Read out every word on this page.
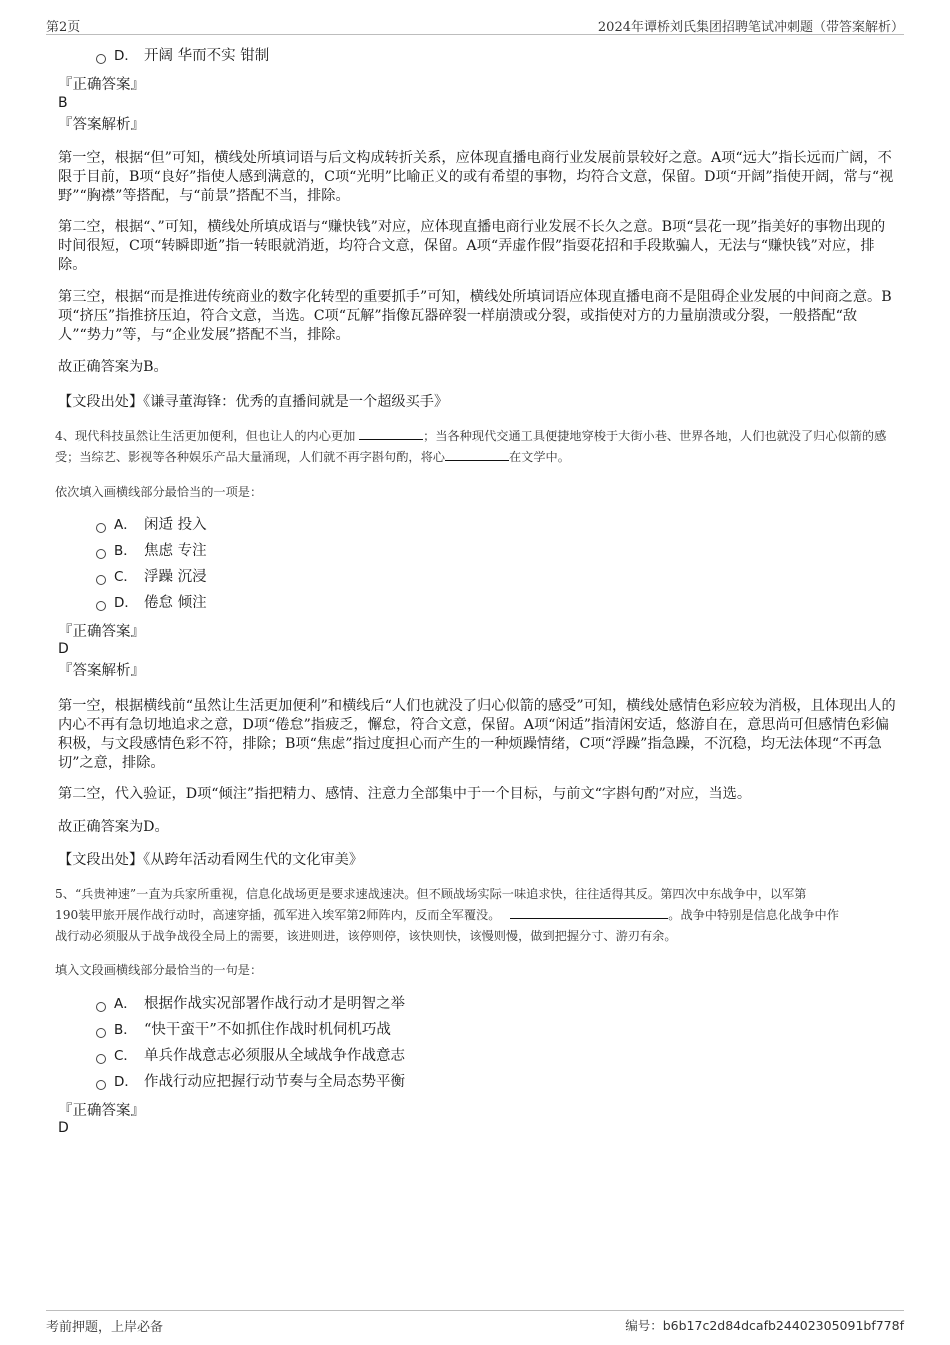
第2页	2024年谭桥刘氏集团招聘笔试冲刺题（带答案解析）
D． 开阔 华而不实 钳制
『正确答案』
B
『答案解析』
第一空，根据“但”可知，横线处所填词语与后文构成转折关系，应体现直播电商行业发展前景较好之意。A项“远大”指长远而广阔，不限于目前，B项“良好”指使人感到满意的，C项“光明”比喻正义的或有希望的事物，均符合文意，保留。D项“开阔”指使开阔，常与“视野”“胸襟”等搭配，与“前景”搭配不当，排除。
第二空，根据“、”可知，横线处所填成语与“赚快钱”对应，应体现直播电商行业发展不长久之意。B项“昙花一现”指美好的事物出现的时间很短，C项“转瞬即逝”指一转眼就消逝，均符合文意，保留。A项“弄虚作假”指耍花招和手段欺骗人，无法与“赚快钱”对应，排除。
第三空，根据“而是推进传统商业的数字化转型的重要抓手”可知，横线处所填词语应体现直播电商不是阻碍企业发展的中间商之意。B项“挤压”指推挤压迫，符合文意，当选。C项“瓦解”指像瓦器碎裂一样崩溃或分裂，或指使对方的力量崩溃或分裂，一般搭配“敌人”“势力”等，与“企业发展”搭配不当，排除。
故正确答案为B。
【文段出处】《谦寻董海锋：优秀的直播间就是一个超级买手》
4、现代科技虽然让生活更加便利，但也让人的内心更加	；当各种现代交通工具便捷地穿梭于大街小巷、世界各地，人们也就没了归心似箭的感受；当综艺、影视等各种娱乐产品大量涌现，人们就不再字斟句酌，将心	在文学中。
依次填入画横线部分最恰当的一项是：
A． 闲适 投入
B． 焦虑 专注
C． 浮躁 沉浸
D． 倦怠 倾注
『正确答案』
D
『答案解析』
第一空，根据横线前“虽然让生活更加便利”和横线后“人们也就没了归心似箭的感受”可知，横线处感情色彩应较为消极，且体现出人的内心不再有急切地追求之意，D项“倦怠”指疲乏，懈怠，符合文意，保留。A项“闲适”指清闲安适，悠游自在，意思尚可但感情色彩偏积极，与文段感情色彩不符，排除；B项“焦虑”指过度担心而产生的一种烦躁情绪，C项“浮躁”指急躁，不沉稳，均无法体现“不再急切”之意，排除。
第二空，代入验证，D项“倾注”指把精力、感情、注意力全部集中于一个目标，与前文“字斟句酌”对应，当选。
故正确答案为D。
【文段出处】《从跨年活动看网生代的文化审美》
5、“兵贵神速”一直为兵家所重视，信息化战场更是要求速战速决。但不顾战场实际一味追求快，往往适得其反。第四次中东战争中，以军第
190装甲旅开展作战行动时，高速穿插，孤军进入埃军第2师阵内，反而全军覆没。	。战争中特别是信息化战争中作
战行动必须服从于战争战役全局上的需要，该进则进，该停则停，该快则快，该慢则慢，做到把握分寸、游刃有余。
填入文段画横线部分最恰当的一句是：
A． 根据作战实况部署作战行动才是明智之举
B． “快干蛮干”不如抓住作战时机伺机巧战
C． 单兵作战意志必须服从全域战争作战意志
D． 作战行动应把握行动节奏与全局态势平衡
『正确答案』
D
考前押题，上岸必备	编号：b6b17c2d84dcafb24402305091bf778f
